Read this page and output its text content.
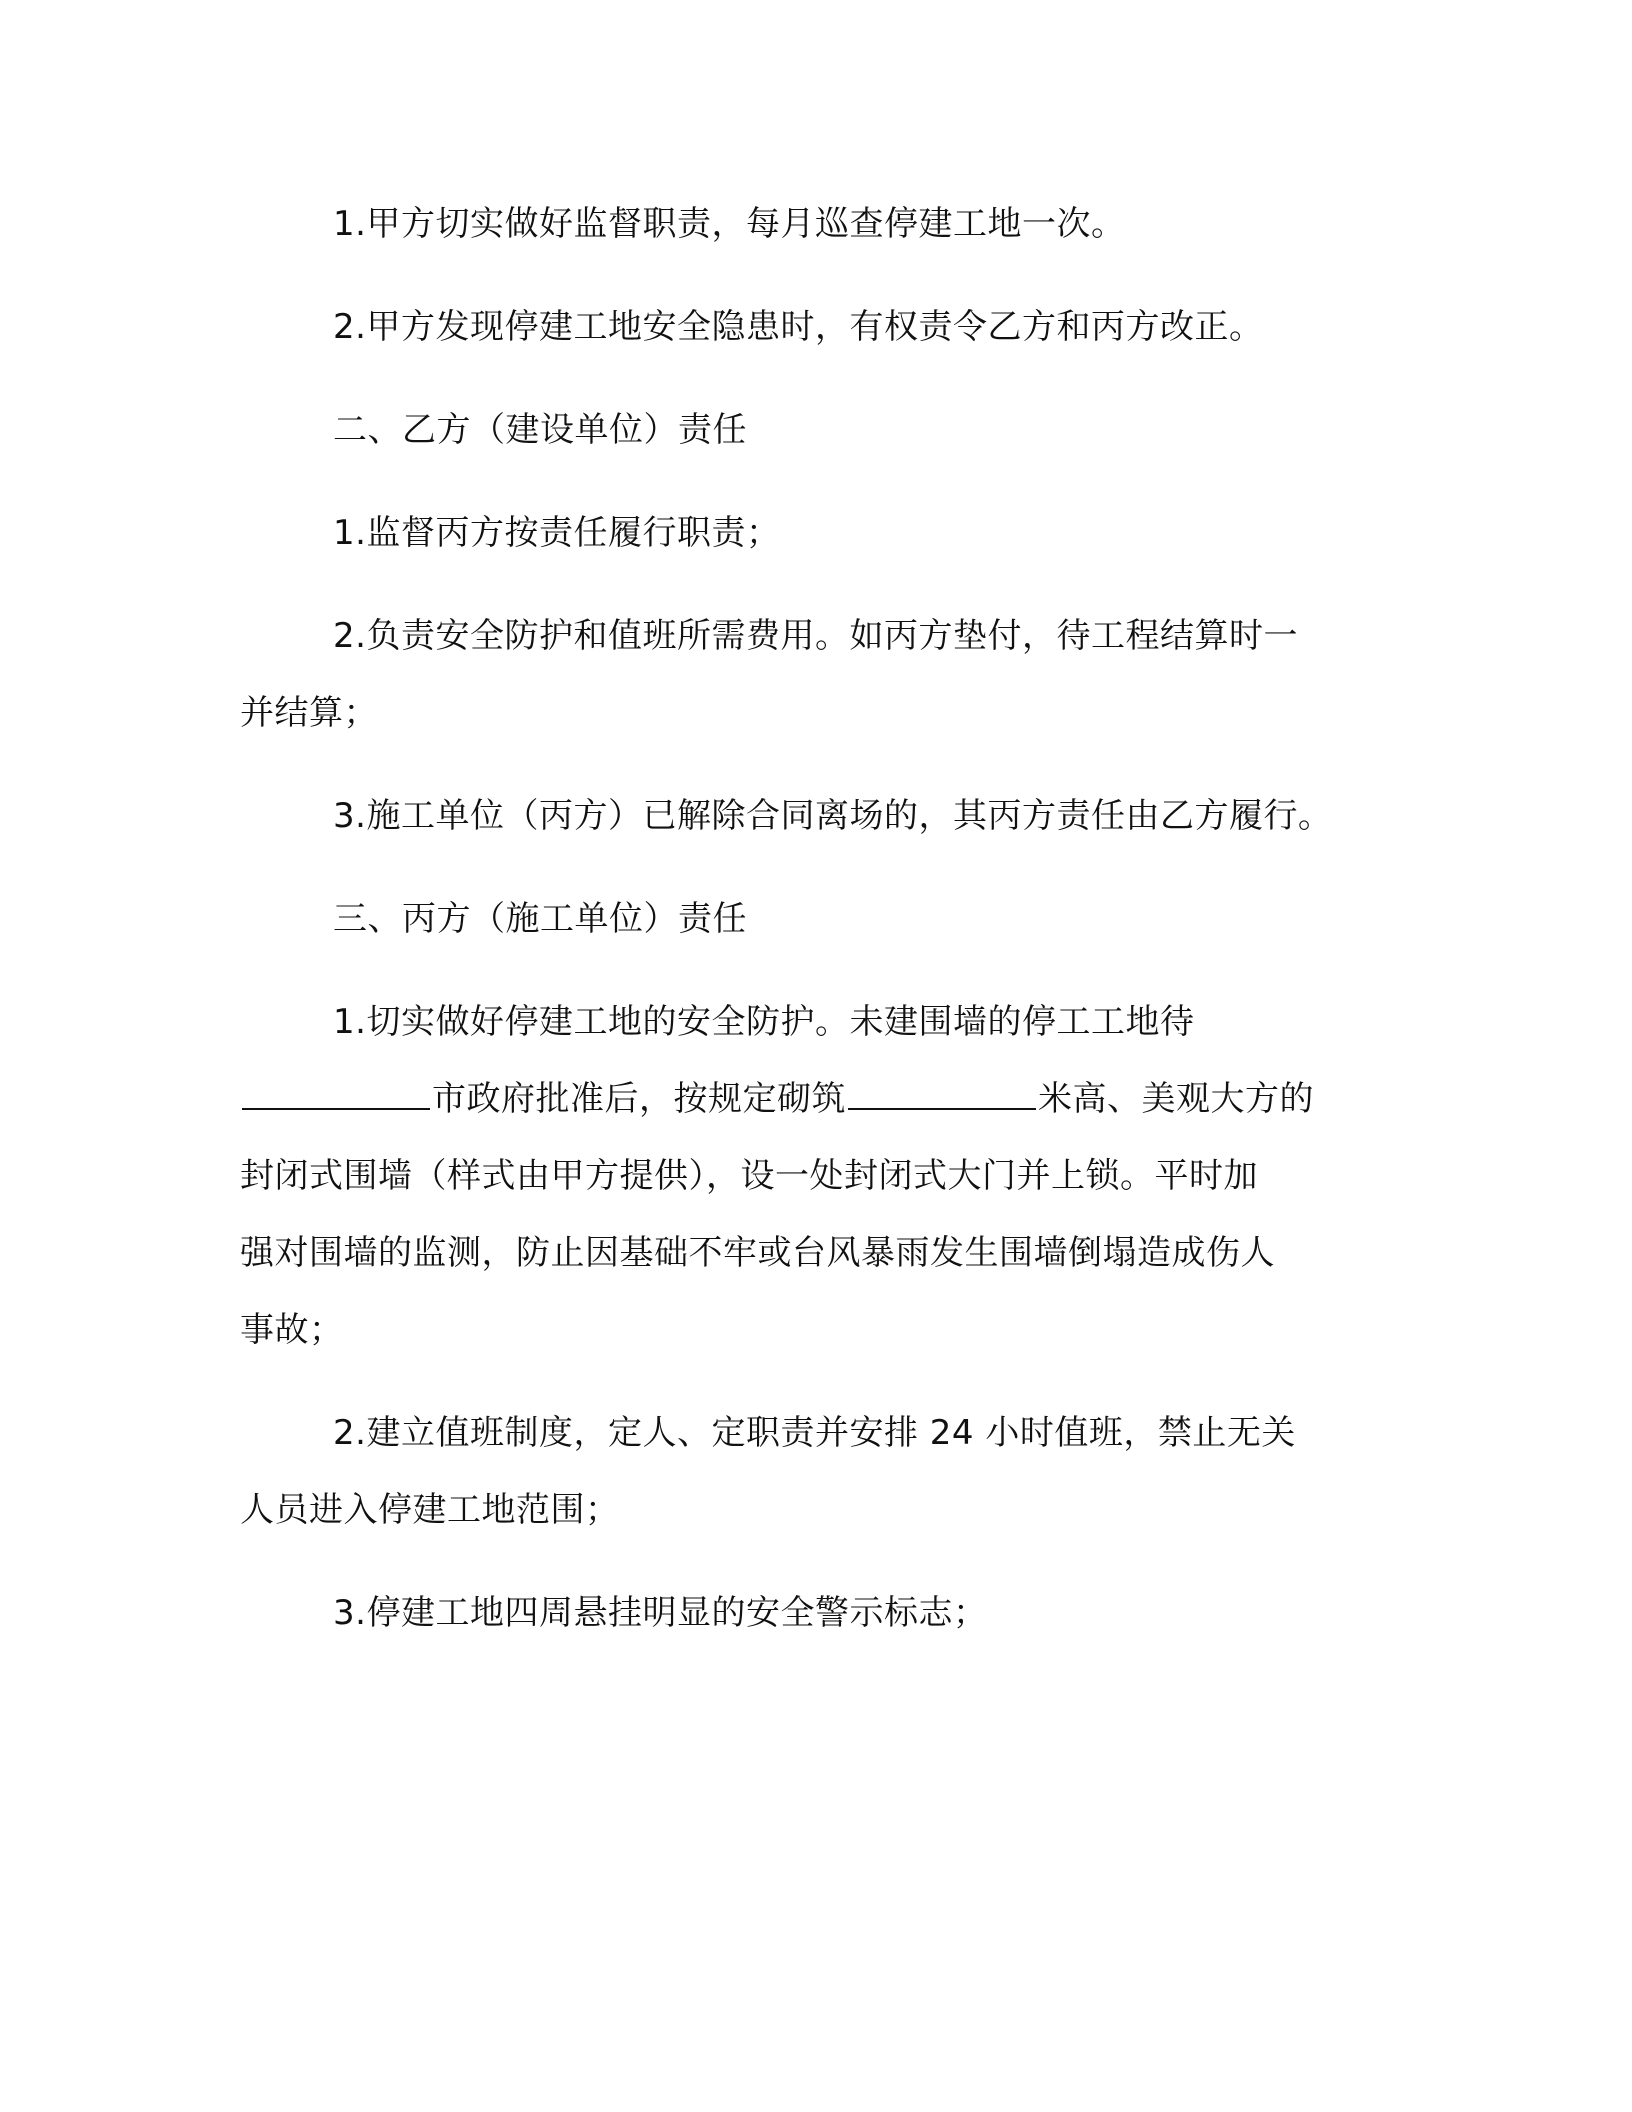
1.甲方切实做好监督职责，每月巡查停建工地一次。

2.甲方发现停建工地安全隐患时，有权责令乙方和丙方改正。

二、乙方（建设单位）责任

1.监督丙方按责任履行职责；

2.负责安全防护和值班所需费用。如丙方垫付，待工程结算时一
并结算；

3.施工单位（丙方）已解除合同离场的，其丙方责任由乙方履行。

三、丙方（施工单位）责任

1.切实做好停建工地的安全防护。未建围墙的停工工地待
市政府批准后，按规定砌筑	米高、美观大方的
封闭式围墙（样式由甲方提供），设一处封闭式大门并上锁。平时加
强对围墙的监测，防止因基础不牢或台风暴雨发生围墙倒塌造成伤人
事故；

2.建立值班制度，定人、定职责并安排 24 小时值班，禁止无关
人员进入停建工地范围；

3.停建工地四周悬挂明显的安全警示标志；
